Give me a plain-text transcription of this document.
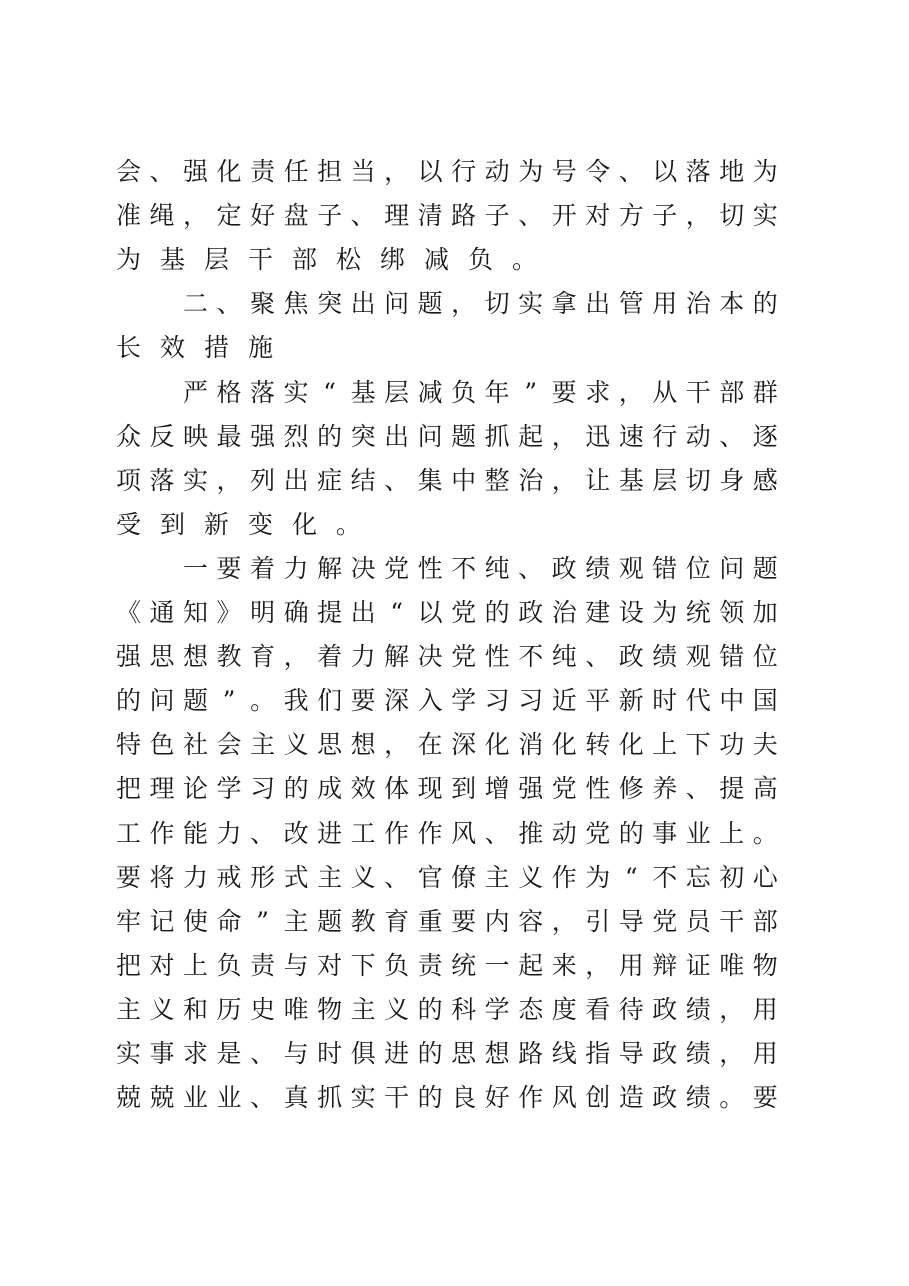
会 、 强 化 责 任 担 当 ， 以 行 动 为 号 令 、 以 落 地 为
准 绳 ， 定 好 盘 子 、 理 清 路 子 、 开 对 方 子 ， 切 实
为 基 层 干 部 松 绑 减 负 。
二 、 聚 焦 突 出 问 题 ， 切 实 拿 出 管 用 治 本 的
长 效 措 施
严 格 落 实 “ 基 层 减 负 年 ” 要 求 ， 从 干 部 群
众 反 映 最 强 烈 的 突 出 问 题 抓 起 ， 迅 速 行 动 、 逐
项 落 实 ， 列 出 症 结 、 集 中 整 治 ， 让 基 层 切 身 感
受 到 新 变 化 。
一 要 着 力 解 决 党 性 不 纯 、 政 绩 观 错 位 问 题
《 通 知 》 明 确 提 出 “ 以 党 的 政 治 建 设 为 统 领 加
强 思 想 教 育 ， 着 力 解 决 党 性 不 纯 、 政 绩 观 错 位
的 问 题 ” 。 我 们 要 深 入 学 习 习 近 平 新 时 代 中 国
特 色 社 会 主 义 思 想 ， 在 深 化 消 化 转 化 上 下 功 夫
把 理 论 学 习 的 成 效 体 现 到 增 强 党 性 修 养 、 提 高
工 作 能 力 、 改 进 工 作 作 风 、 推 动 党 的 事 业 上 。
要 将 力 戒 形 式 主 义 、 官 僚 主 义 作 为 “ 不 忘 初 心
牢 记 使 命 ” 主 题 教 育 重 要 内 容 ， 引 导 党 员 干 部
把 对 上 负 责 与 对 下 负 责 统 一 起 来 ， 用 辩 证 唯 物
主 义 和 历 史 唯 物 主 义 的 科 学 态 度 看 待 政 绩 ， 用
实 事 求 是 、 与 时 俱 进 的 思 想 路 线 指 导 政 绩 ， 用
兢 兢 业 业 、 真 抓 实 干 的 良 好 作 风 创 造 政 绩 。 要
